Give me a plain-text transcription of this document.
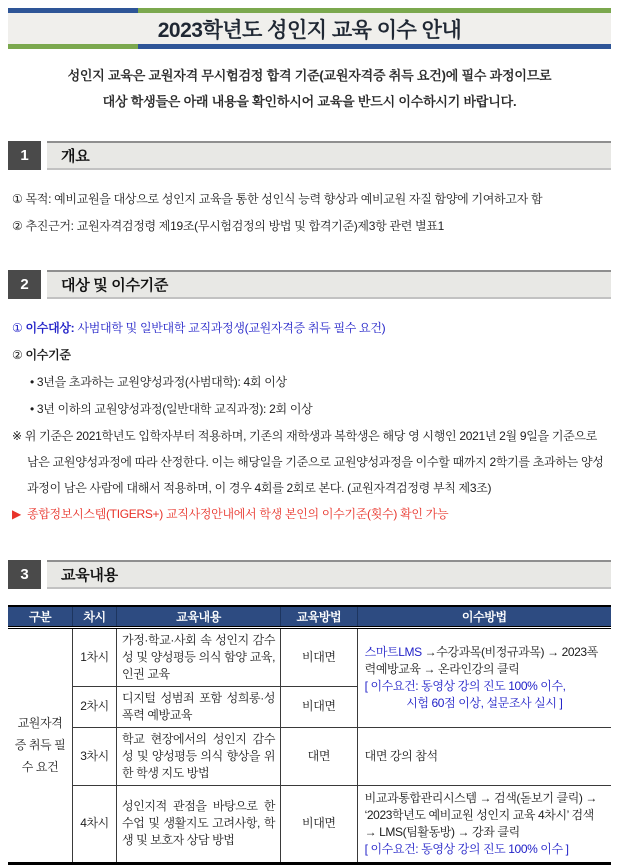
2023학년도 성인지 교육 이수 안내
성인지 교육은 교원자격 무시험검정 합격 기준(교원자격증 취득 요건)에 필수 과정이므로
대상 학생들은 아래 내용을 확인하시어 교육을 반드시 이수하시기 바랍니다.
1	개요
① 목적: 예비교원을 대상으로 성인지 교육을 통한 성인식 능력 향상과 예비교원 자질 함양에 기여하고자 함
② 추진근거: 교원자격검정령 제19조(무시험검정의 방법 및 합격기준)제3항 관련 별표1
2	대상 및 이수기준
① 이수대상: 사범대학 및 일반대학 교직과정생(교원자격증 취득 필수 요건)
② 이수기준
• 3년을 초과하는 교원양성과정(사범대학): 4회 이상
• 3년 이하의 교원양성과정(일반대학 교직과정): 2회 이상
※ 위 기준은 2021학년도 입학자부터 적용하며, 기존의 재학생과 복학생은 해당 영 시행인 2021년 2월 9일을 기준으로 남은 교원양성과정에 따라 산정한다. 이는 해당일을 기준으로 교원양성과정을 이수할 때까지 2학기를 초과하는 양성 과정이 남은 사람에 대해서 적용하며, 이 경우 4회를 2회로 본다. (교원자격검정령 부칙 제3조)
▶ 종합정보시스템(TIGERS+) 교직사정안내에서 학생 본인의 이수기준(횟수) 확인 가능
3	교육내용
구분	차시	교육내용	교육방법	이수방법
교원자격증 취득 필수 요건	1차시	가정·학교·사회 속 성인지 감수성 및 양성평등 의식 함양 교육, 인권 교육	비대면	스마트LMS →수강과목(비정규과목) → 2023폭력예방교육 → 온라인강의 클릭
[ 이수요건: 동영상 강의 진도 100% 이수,
시험 60점 이상, 설문조사 실시 ]

	2차시	디지털 성범죄 포함 성희롱·성폭력 예방교육	비대면	
	3차시	학교 현장에서의 성인지 감수성 및 양성평등 의식 향상을 위한 학생 지도 방법	대면	대면 강의 참석
	4차시	성인지적 관점을 바탕으로 한 수업 및 생활지도 고려사항, 학생 및 보호자 상담 방법	비대면	비교과통합관리시스템 → 검색(돋보기 클릭) → ‘2023학년도 예비교원 성인지 교육 4차시’ 검색 → LMS(팀활동방) → 강좌 클릭
[ 이수요건: 동영상 강의 진도 100% 이수 ]
